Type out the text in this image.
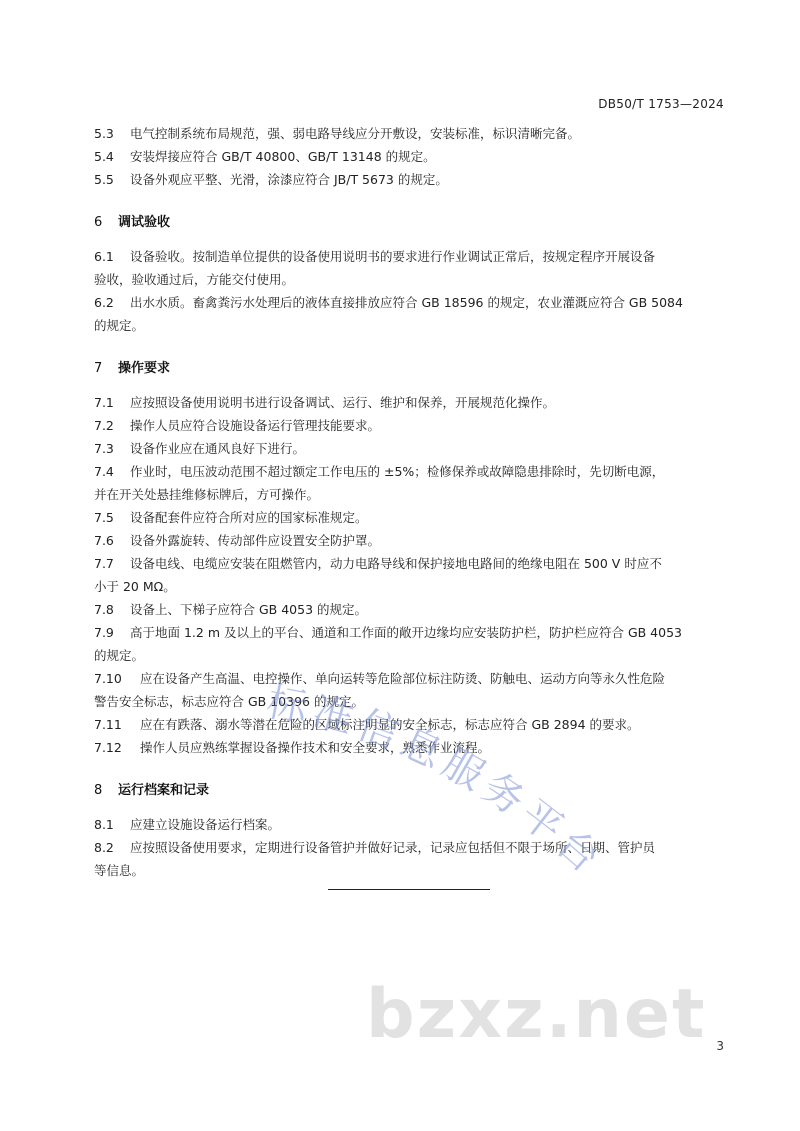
DB50/T 1753—2024
5.3 电气控制系统布局规范，强、弱电路导线应分开敷设，安装标准，标识清晰完备。
5.4 安装焊接应符合 GB/T 40800、GB/T 13148 的规定。
5.5 设备外观应平整、光滑，涂漆应符合 JB/T 5673 的规定。
6 调试验收
6.1 设备验收。按制造单位提供的设备使用说明书的要求进行作业调试正常后，按规定程序开展设备
验收，验收通过后，方能交付使用。
6.2 出水水质。畜禽粪污水处理后的液体直接排放应符合 GB 18596 的规定，农业灌溉应符合 GB 5084
的规定。
7 操作要求
7.1 应按照设备使用说明书进行设备调试、运行、维护和保养，开展规范化操作。
7.2 操作人员应符合设施设备运行管理技能要求。
7.3 设备作业应在通风良好下进行。
7.4 作业时，电压波动范围不超过额定工作电压的 ±5%；检修保养或故障隐患排除时，先切断电源，
并在开关处悬挂维修标牌后，方可操作。
7.5 设备配套件应符合所对应的国家标准规定。
7.6 设备外露旋转、传动部件应设置安全防护罩。
7.7 设备电线、电缆应安装在阻燃管内，动力电路导线和保护接地电路间的绝缘电阻在 500 V 时应不
小于 20 MΩ。
7.8 设备上、下梯子应符合 GB 4053 的规定。
7.9 高于地面 1.2 m 及以上的平台、通道和工作面的敞开边缘均应安装防护栏，防护栏应符合 GB 4053
的规定。
7.10 应在设备产生高温、电控操作、单向运转等危险部位标注防烫、防触电、运动方向等永久性危险
警告安全标志，标志应符合 GB 10396 的规定。
7.11 应在有跌落、溺水等潜在危险的区域标注明显的安全标志，标志应符合 GB 2894 的要求。
7.12 操作人员应熟练掌握设备操作技术和安全要求，熟悉作业流程。
8 运行档案和记录
8.1 应建立设施设备运行档案。
8.2 应按照设备使用要求，定期进行设备管护并做好记录，记录应包括但不限于场所、日期、管护员
等信息。
标准信息服务平台
bzxz.net 3
